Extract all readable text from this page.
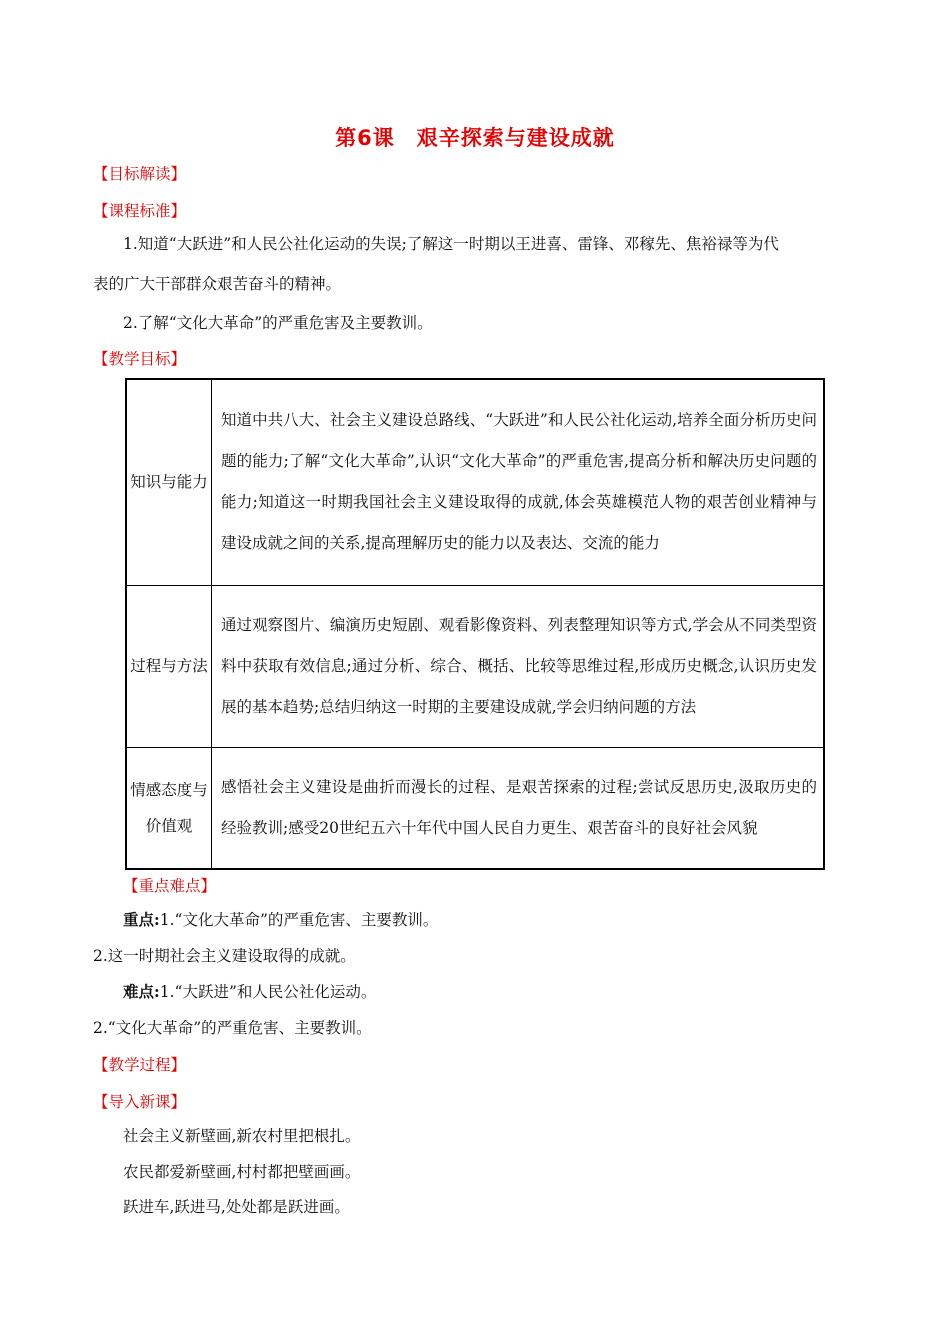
第6课　艰辛探索与建设成就
【目标解读】
【课程标准】
1.知道“大跃进”和人民公社化运动的失误;了解这一时期以王进喜、雷锋、邓稼先、焦裕禄等为代
表的广大干部群众艰苦奋斗的精神。
2.了解“文化大革命”的严重危害及主要教训。
【教学目标】
知识与能力	知道中共八大、社会主义建设总路线、“大跃进”和人民公社化运动,培养全面分析历史问题的能力;了解“文化大革命”,认识“文化大革命”的严重危害,提高分析和解决历史问题的能力;知道这一时期我国社会主义建设取得的成就,体会英雄模范人物的艰苦创业精神与建设成就之间的关系,提高理解历史的能力以及表达、交流的能力
过程与方法	通过观察图片、编演历史短剧、观看影像资料、列表整理知识等方式,学会从不同类型资料中获取有效信息;通过分析、综合、概括、比较等思维过程,形成历史概念,认识历史发展的基本趋势;总结归纳这一时期的主要建设成就,学会归纳问题的方法
情感态度与价值观	感悟社会主义建设是曲折而漫长的过程、是艰苦探索的过程;尝试反思历史,汲取历史的经验教训;感受20世纪五六十年代中国人民自力更生、艰苦奋斗的良好社会风貌
【重点难点】
重点:1.“文化大革命”的严重危害、主要教训。
2.这一时期社会主义建设取得的成就。
难点:1.“大跃进”和人民公社化运动。
2.“文化大革命”的严重危害、主要教训。
【教学过程】
【导入新课】
社会主义新壁画,新农村里把根扎。
农民都爱新壁画,村村都把壁画画。
跃进车,跃进马,处处都是跃进画。
